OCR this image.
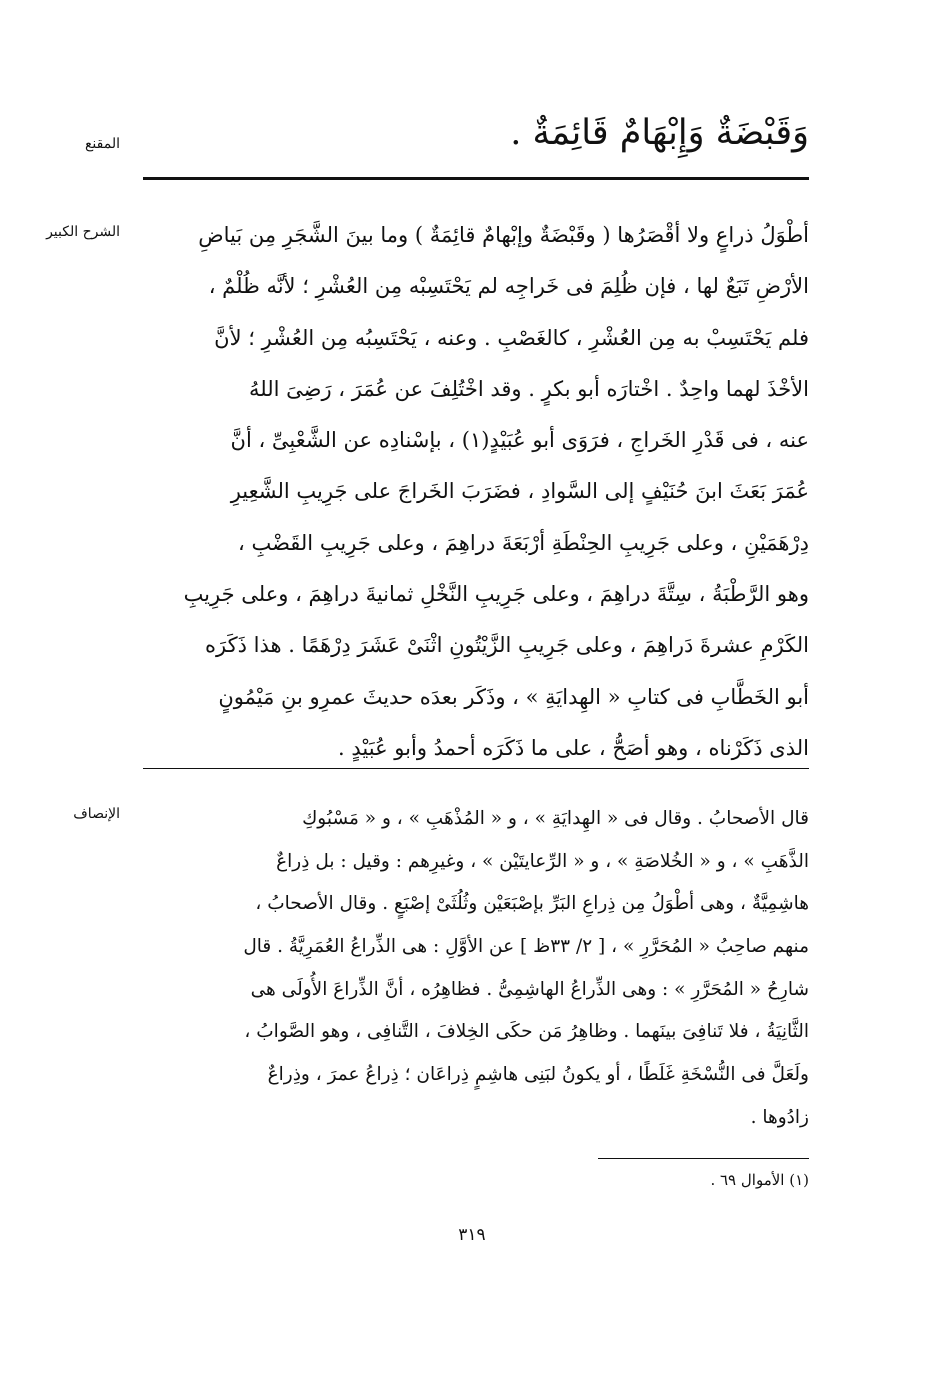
وَقَبْضَةٌ وَإِبْهَامٌ قَائِمَةٌ .
المقنع
الشرح الكبير	أطْوَلُ ذراعٍ ولا أقْصَرُها ( وقَبْضَةٌ وإبْهامٌ قائِمَةٌ ) وما بينَ الشَّجَرِ مِن بَياضِ
الأرْضِ تَبَعٌ لها ، فإن ظُلِمَ فى خَراجِه لم يَحْتَسِبْه مِن العُشْرِ ؛ لأنَّه ظُلْمٌ ،
فلم يَحْتَسِبْ به مِن العُشْرِ ، كالغَصْبِ . وعنه ، يَحْتَسِبُه مِن العُشْرِ ؛ لأنَّ
الأخْذَ لهما واحِدٌ . اخْتارَه أبو بكرٍ . وقد اخْتُلِفَ عن عُمَرَ ، رَضِىَ اللهُ
عنه ، فى قَدْرِ الخَراجِ ، فرَوَى أبو عُبَيْدٍ(١) ، بإسْنادِه عن الشَّعْبِىِّ ، أنَّ
عُمَرَ بَعَثَ ابنَ حُنَيْفٍ إلى السَّوادِ ، فضَرَبَ الخَراجَ على جَرِيبِ الشَّعِيرِ
دِرْهَمَيْنِ ، وعلى جَرِيبِ الحِنْطَةِ أرْبَعَةَ دراهِمَ ، وعلى جَرِيبِ القَضْبِ ،
وهو الرَّطْبَةُ ، سِتَّةَ دراهِمَ ، وعلى جَرِيبِ النَّخْلِ ثمانيةَ دراهِمَ ، وعلى جَرِيبِ
الكَرْمِ عشرةَ دَراهِمَ ، وعلى جَرِيبِ الزَّيْتُونِ اثْنَىْ عَشَرَ دِرْهَمًا . هذا ذَكَرَه
أبو الخَطَّابِ فى كتابِ « الهِدايَةِ » ، وذَكَر بعدَه حديثَ عمرِو بنِ مَيْمُونٍ
الذى ذَكَرْناه ، وهو أصَحُّ ، على ما ذَكَرَه أحمدُ وأبو عُبَيْدٍ .
الإنصاف	قال الأصحابُ . وقال فى « الهِدايَةِ » ، و « المُذْهَبِ » ، و « مَسْبُوكِ
الذَّهَبِ » ، و « الخُلاصَةِ » ، و « الرِّعايتَيْن » ، وغيرِهم : وقيل : بل ذِراعٌ
هاشِمِيَّةٌ ، وهى أطْوَلُ مِن ذِراعِ البَرِّ بإصْبَعَيْن وثُلُثَىْ إصْبَعٍ . وقال الأصحابُ ،
منهم صاحِبُ « المُحَرَّرِ » ، [ ٢/ ٣٣ظ ] عن الأوَّلِ : هى الذِّراعُ العُمَرِيَّةُ . قال
شارِحُ « المُحَرَّرِ » : وهى الذِّراعُ الهاشِمِىُّ . فظاهِرُه ، أنَّ الذِّراعَ الأُولَى هى
الثَّانِيَةُ ، فلا تَنافِىَ بينَهما . وظاهِرُ مَن حكَى الخِلافَ ، التَّنافِى ، وهو الصَّوابُ ،
ولَعَلَّ فى النُّسْخَةِ غَلَطًا ، أو يكونُ لبَنِى هاشِمٍ ذِراعَان ؛ ذِراعُ عمرَ ، وذِراعٌ
زادُوها .
(١) الأموال ٦٩ .
٣١٩
